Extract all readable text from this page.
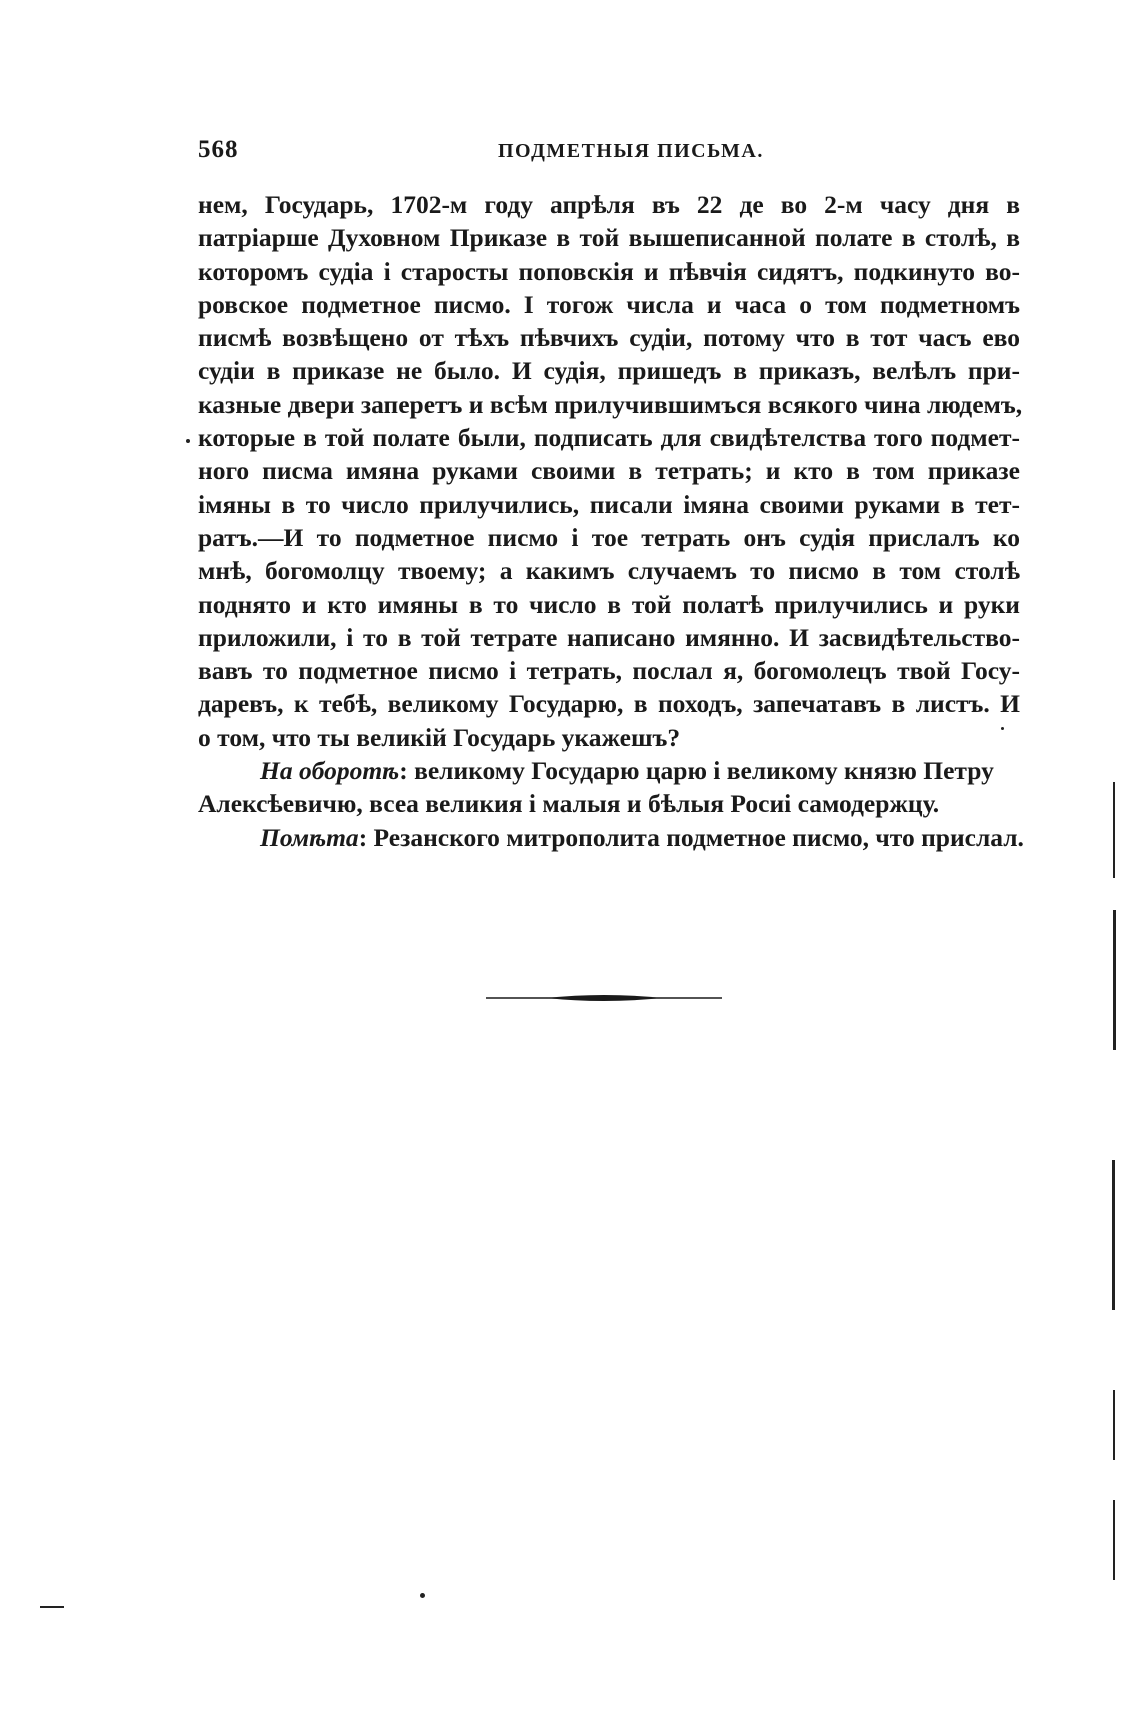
568	ПОДМЕТНЫЯ ПИСЬМА.
нем, Государь, 1702-м году апрѣля въ 22 де во 2-м часу дня в
патріарше Духовном Приказе в той вышеписанной полате в столѣ, в
которомъ судіа і старосты поповскія и пѣвчія сидятъ, подкинуто во-
ровское подметное писмо. I тогож числа и часа о том подметномъ
писмѣ возвѣщено от тѣхъ пѣвчихъ судіи, потому что в тот часъ ево
судіи в приказе не было. И судія, пришедъ в приказъ, велѣлъ при-
казные двери заперетъ и всѣм прилучившимъся всякого чина людемъ,
которые в той полате были, подписать для свидѣтелства того подмет-
ного писма имяна руками своими в тетрать; и кто в том приказе
імяны в то число прилучились, писали імяна своими руками в тет-
ратъ.—И то подметное писмо і тое тетрать онъ судія прислалъ ко
мнѣ, богомолцу твоему; а какимъ случаемъ то писмо в том столѣ
поднято и кто имяны в то число в той полатѣ прилучились и руки
приложили, і то в той тетрате написано имянно. И засвидѣтельство-
вавъ то подметное писмо і тетрать, послал я, богомолецъ твой Госу-
даревъ, к тебѣ, великому Государю, в походъ, запечатавъ в листъ. И
о том, что ты великій Государь укажешъ?
На оборотѣ: великому Государю царю і великому князю Петру
Алексѣевичю, всеа великия і малыя и бѣлыя Росиі самодержцу.
Помѣта: Резанского митрополита подметное писмо, что прислал.
